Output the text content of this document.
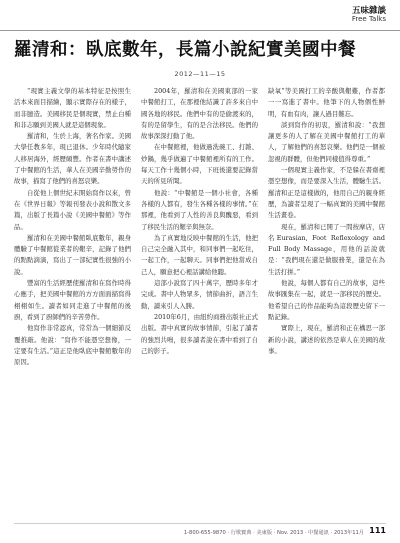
五味雜談
Free Talks
羅清和：臥底數年，長篇小說紀實美國中餐
2012—11—15

“現實主義文學的基本特征是按照生活本來面目描繪，顯示實際存在的樣子，而非臆造。美國移民是個現實，禁止白種和非志願到美國人就是這個現象。

羅清和，生於上海，著名作家。美國大學任教多年，現已退休。少年時代隨家人移居海外，經歷頗豐。作者在書中講述了中餐館的生活，華人在美國辛勤勞作的故事，描寫了他們的喜怒哀樂。

自從他上個世紀末開始寫作以來，曾在《世界日報》等報刊發表小說和散文多篇，出版了長篇小說《美國中餐館》等作品。

羅清和在美國中餐館臥底數年，親身體驗了中餐館從業者的艱辛，記錄了他們的點點滴滴，寫出了一部紀實性很強的小說。

豐富的生活經歷使羅清和在寫作時得心應手，把美國中餐館的方方面面描寫得栩栩如生。讀者如同走進了中餐館的後廚，看到了廚師們的辛苦勞作。

他寫作非常認真，常常為一個細節反覆推敲。他說：“寫作不能憑空想像，一定要有生活。”這正是他臥底中餐館數年的原因。

2004年，羅清和在美國東部的一家中餐館打工，在那裡他結識了許多來自中國各地的移民。他們中有的是偷渡來的，有的是留學生，有的是合法移民。他們的故事深深打動了他。

在中餐館裡，他做過洗碗工、打雜、炒鍋，幾乎做遍了中餐館裡所有的工作。每天工作十幾個小時，下班後還要記錄當天的所見所聞。

他說：“中餐館是一個小社會，各種各樣的人都有，發生各種各樣的事情。”在那裡，他看到了人性的善良與醜惡，看到了移民生活的艱辛與無奈。

為了真實地反映中餐館的生活，他把自己完全融入其中，和同事們一起吃住，一起工作，一起聊天。同事們把他當成自己人，願意把心裡話講給他聽。

這部小說寫了四十萬字，歷時多年才完成。書中人物眾多，情節曲折，語言生動，讀來引人入勝。

2010年6月，由紐約商務出版社正式出版。書中真實的故事情節，引起了讀者的強烈共鳴，很多讀者說在書中看到了自己的影子。

缺氧”等美國打工的辛酸與艱難，作者都一一寫進了書中。他筆下的人物個性鮮明，有血有肉，讓人過目難忘。

談到寫作的初衷，羅清和說：“我想讓更多的人了解在美國中餐館打工的華人，了解他們的喜怒哀樂。他們是一個被忽視的群體，但他們同樣值得尊重。”

一個現實主義作家，不是躲在書齋裡憑空想像，而是要深入生活，體驗生活。羅清和正是這樣做的，他用自己的親身經歷，為讀者呈現了一幅真實的美國中餐館生活畫卷。

現在，羅清和已開了一間按摩店，店名Eurasian, Foot Reflexology and Full Body Massage，用他的話說就是：“我們現在還是做服務業，還是在為生活打拼。”

他說，每個人都有自己的故事，這些故事匯集在一起，就是一部移民的歷史。他希望自己的作品能夠為這段歷史留下一點記錄。

實際上，現在，羅清和正在構思一部新的小說，講述的依然是華人在美國的故事。

1-800-655-9870 · 行歌寶典 · 美東版 · Nov. 2013 · 中餐通訊 · 2013年11月 111
